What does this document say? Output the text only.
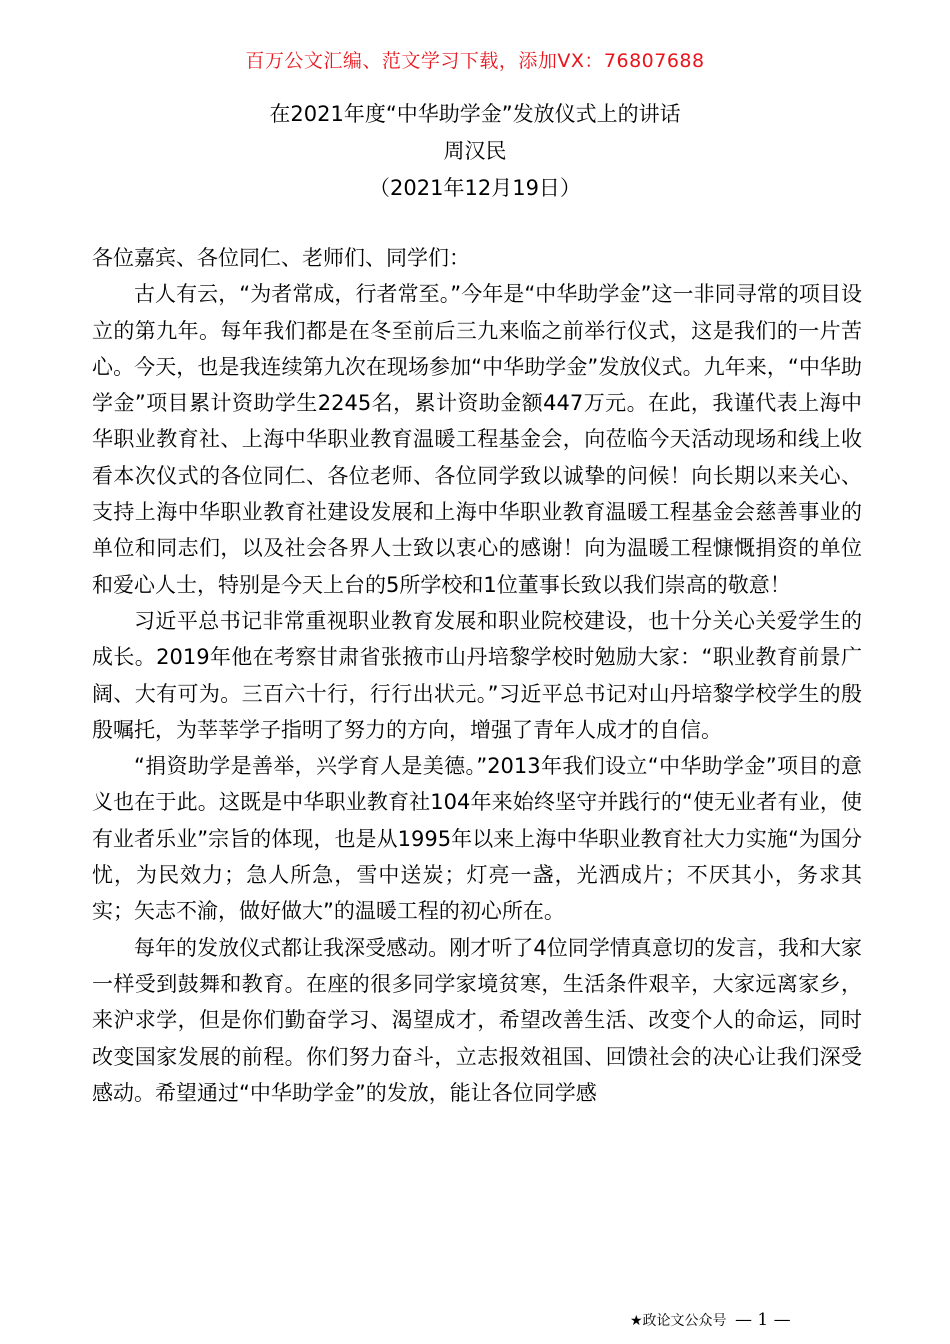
百万公文汇编、范文学习下载，添加VX：76807688
在2021年度“中华助学金”发放仪式上的讲话
周汉民
（2021年12月19日）

各位嘉宾、各位同仁、老师们、同学们：

古人有云，“为者常成，行者常至。”今年是“中华助学金”这一非同寻常的项目设立的第九年。每年我们都是在冬至前后三九来临之前举行仪式，这是我们的一片苦心。今天，也是我连续第九次在现场参加“中华助学金”发放仪式。九年来，“中华助学金”项目累计资助学生2245名，累计资助金额447万元。在此，我谨代表上海中华职业教育社、上海中华职业教育温暖工程基金会，向莅临今天活动现场和线上收看本次仪式的各位同仁、各位老师、各位同学致以诚挚的问候！向长期以来关心、支持上海中华职业教育社建设发展和上海中华职业教育温暖工程基金会慈善事业的单位和同志们，以及社会各界人士致以衷心的感谢！向为温暖工程慷慨捐资的单位和爱心人士，特别是今天上台的5所学校和1位董事长致以我们崇高的敬意！

习近平总书记非常重视职业教育发展和职业院校建设，也十分关心关爱学生的成长。2019年他在考察甘肃省张掖市山丹培黎学校时勉励大家：“职业教育前景广阔、大有可为。三百六十行，行行出状元。”习近平总书记对山丹培黎学校学生的殷殷嘱托，为莘莘学子指明了努力的方向，增强了青年人成才的自信。

“捐资助学是善举，兴学育人是美德。”2013年我们设立“中华助学金”项目的意义也在于此。这既是中华职业教育社104年来始终坚守并践行的“使无业者有业，使有业者乐业”宗旨的体现，也是从1995年以来上海中华职业教育社大力实施“为国分忧，为民效力；急人所急，雪中送炭；灯亮一盏，光洒成片；不厌其小，务求其实；矢志不渝，做好做大”的温暖工程的初心所在。

每年的发放仪式都让我深受感动。刚才听了4位同学情真意切的发言，我和大家一样受到鼓舞和教育。在座的很多同学家境贫寒，生活条件艰辛，大家远离家乡，来沪求学，但是你们勤奋学习、渴望成才，希望改善生活、改变个人的命运，同时改变国家发展的前程。你们努力奋斗，立志报效祖国、回馈社会的决心让我们深受感动。希望通过“中华助学金”的发放，能让各位同学感

★政论文公众号 — 1 —
